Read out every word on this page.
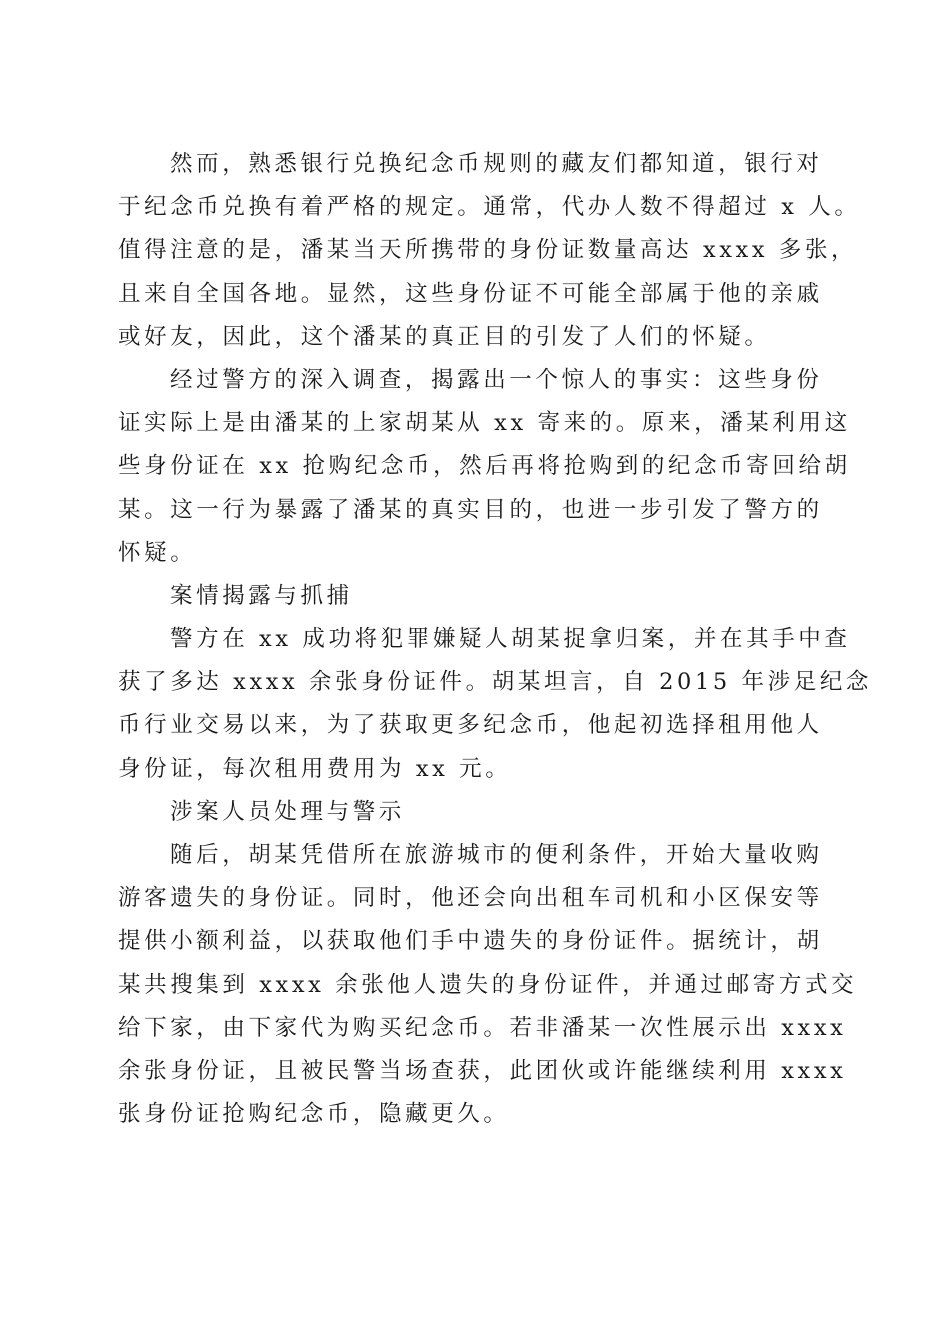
然而，熟悉银行兑换纪念币规则的藏友们都知道，银行对
于纪念币兑换有着严格的规定。通常，代办人数不得超过 x 人。
值得注意的是，潘某当天所携带的身份证数量高达 xxxx 多张，
且来自全国各地。显然，这些身份证不可能全部属于他的亲戚
或好友，因此，这个潘某的真正目的引发了人们的怀疑。
经过警方的深入调查，揭露出一个惊人的事实：这些身份
证实际上是由潘某的上家胡某从 xx 寄来的。原来，潘某利用这
些身份证在 xx 抢购纪念币，然后再将抢购到的纪念币寄回给胡
某。这一行为暴露了潘某的真实目的，也进一步引发了警方的
怀疑。
案情揭露与抓捕
警方在 xx 成功将犯罪嫌疑人胡某捉拿归案，并在其手中查
获了多达 xxxx 余张身份证件。胡某坦言，自 2015 年涉足纪念
币行业交易以来，为了获取更多纪念币，他起初选择租用他人
身份证，每次租用费用为 xx 元。
涉案人员处理与警示
随后，胡某凭借所在旅游城市的便利条件，开始大量收购
游客遗失的身份证。同时，他还会向出租车司机和小区保安等
提供小额利益，以获取他们手中遗失的身份证件。据统计，胡
某共搜集到 xxxx 余张他人遗失的身份证件，并通过邮寄方式交
给下家，由下家代为购买纪念币。若非潘某一次性展示出 xxxx
余张身份证，且被民警当场查获，此团伙或许能继续利用 xxxx
张身份证抢购纪念币，隐藏更久。
